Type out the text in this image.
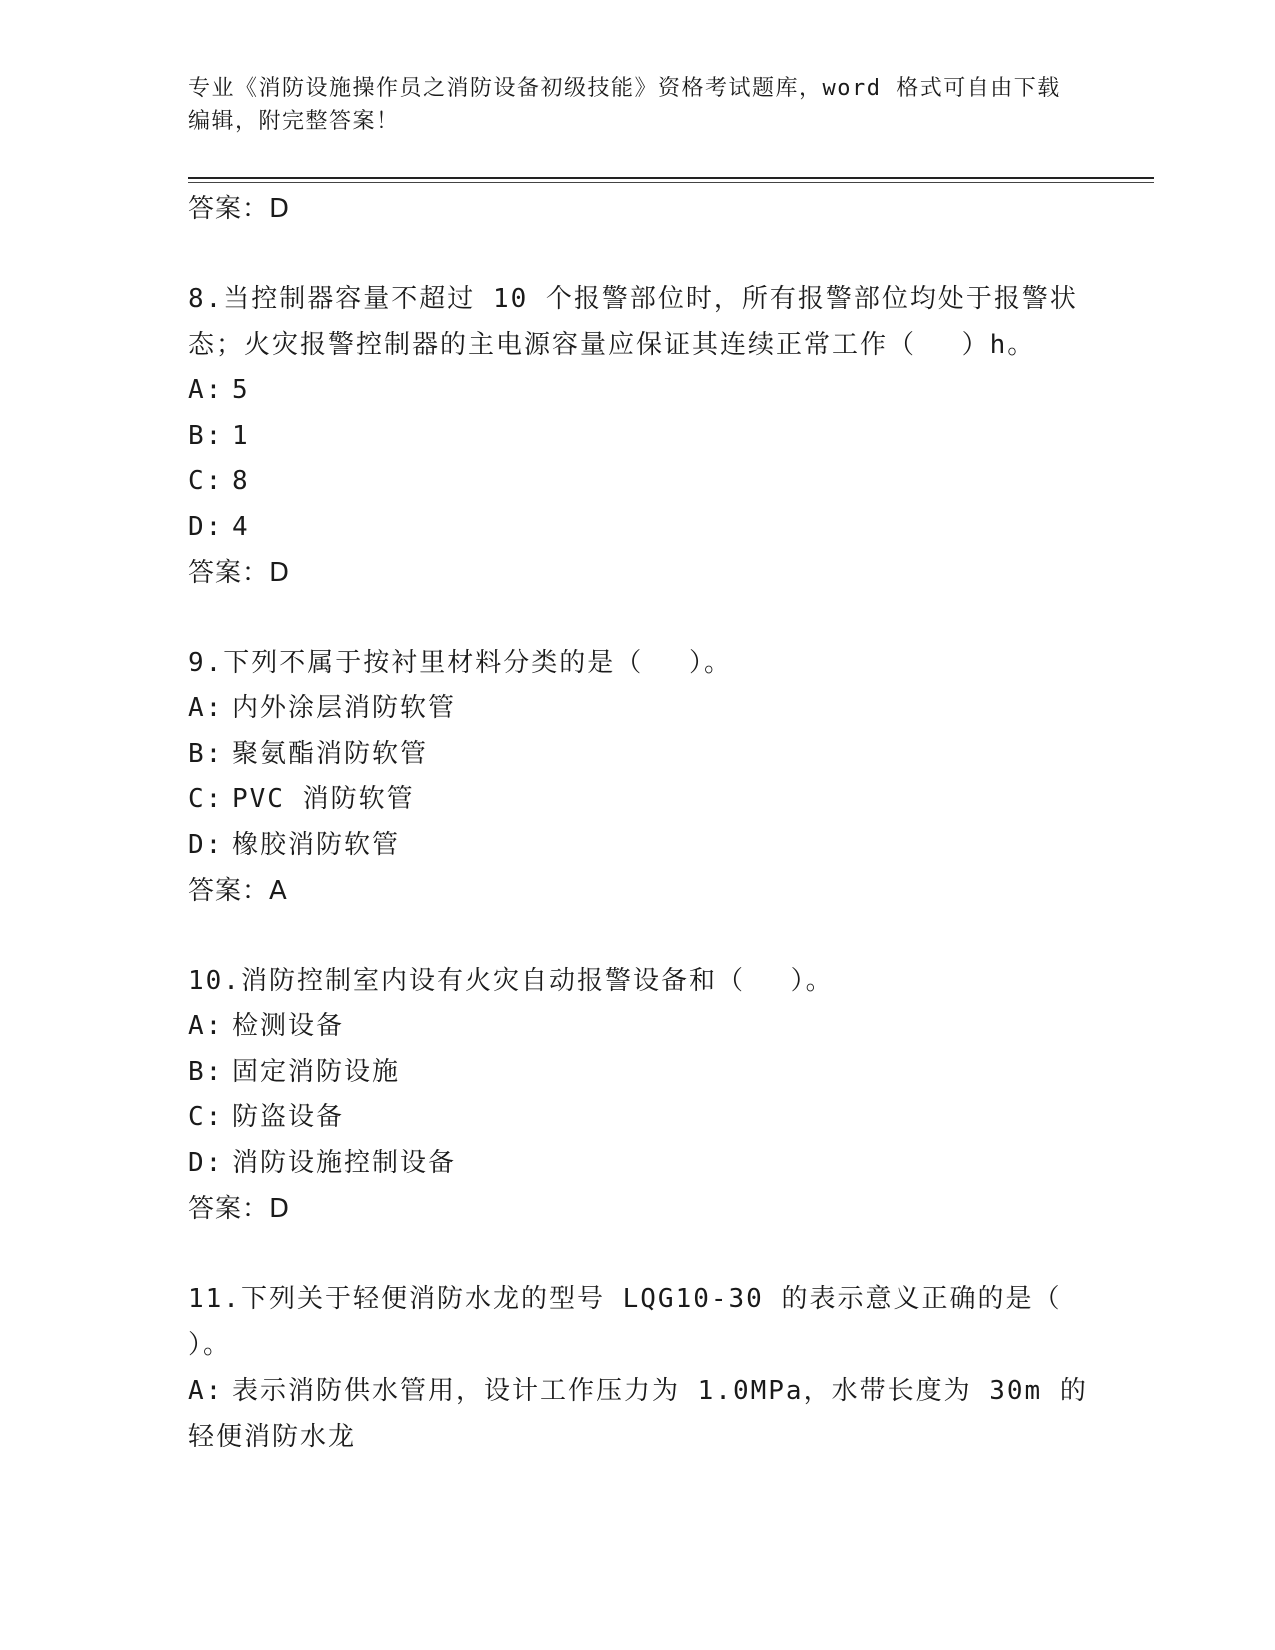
专业《消防设施操作员之消防设备初级技能》资格考试题库，word 格式可自由下载编辑，附完整答案！
答案：D
8.当控制器容量不超过 10 个报警部位时，所有报警部位均处于报警状态；火灾报警控制器的主电源容量应保证其连续正常工作（　 ）h。
A: 5
B: 1
C: 8
D: 4
答案：D
9.下列不属于按衬里材料分类的是（　 ）。
A: 内外涂层消防软管
B: 聚氨酯消防软管
C: PVC 消防软管
D: 橡胶消防软管
答案：A
10.消防控制室内设有火灾自动报警设备和（　 ）。
A: 检测设备
B: 固定消防设施
C: 防盗设备
D: 消防设施控制设备
答案：D
11.下列关于轻便消防水龙的型号 LQG10-30 的表示意义正确的是（　 ）。
A: 表示消防供水管用，设计工作压力为 1.0MPa，水带长度为 30m 的轻便消防水龙
